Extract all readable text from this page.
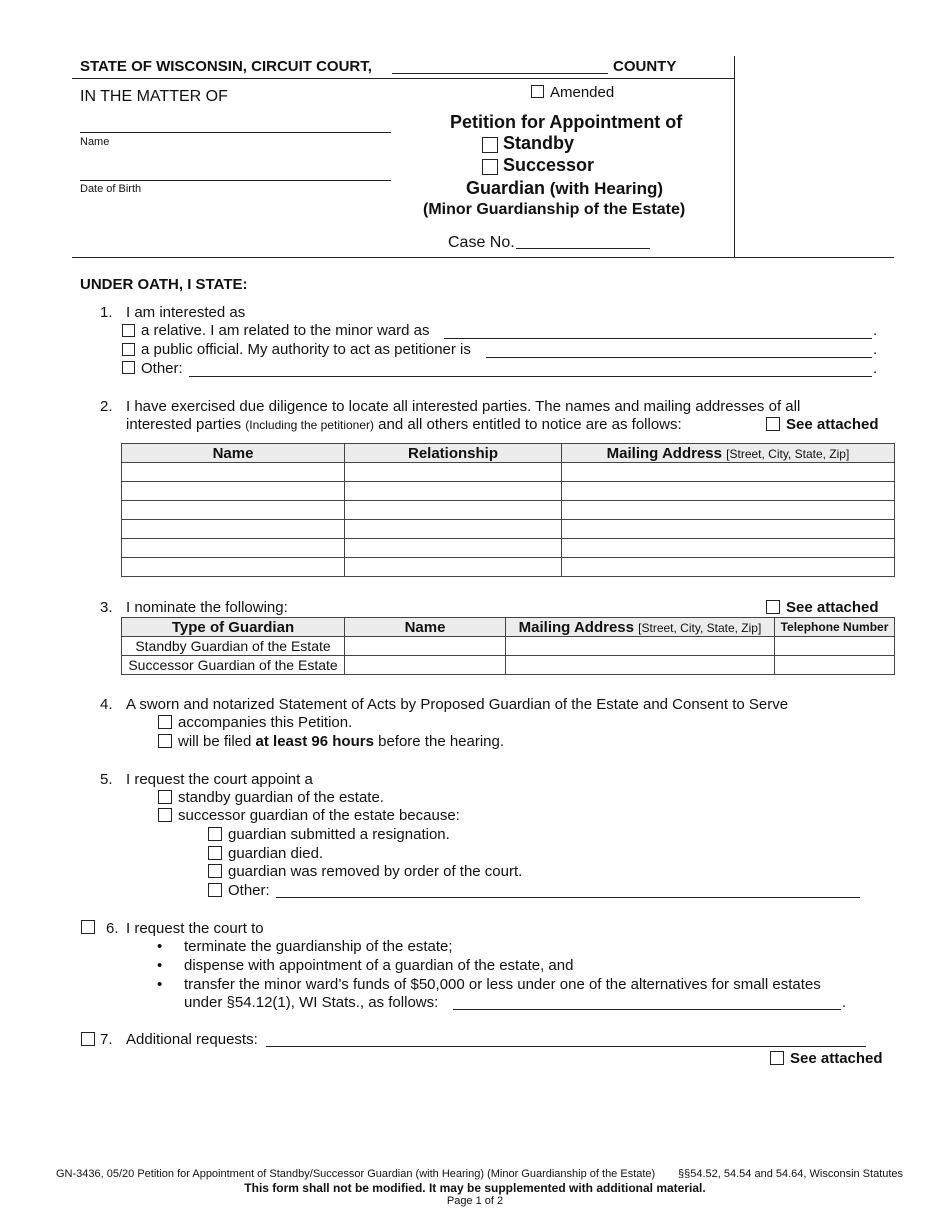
STATE OF WISCONSIN, CIRCUIT COURT,	COUNTY
IN THE MATTER OF
Name
Date of Birth
Amended
Petition for Appointment of
Standby
Successor
Guardian (with Hearing)
(Minor Guardianship of the Estate)
Case No.
UNDER OATH, I STATE:
1. I am interested as
a relative. I am related to the minor ward as	.
a public official. My authority to act as petitioner is	.
Other:	.
2. I have exercised due diligence to locate all interested parties. The names and mailing addresses of all
interested parties (Including the petitioner) and all others entitled to notice are as follows:	See attached
Name	Relationship	Mailing Address [Street, City, State, Zip]

3. I nominate the following:	See attached
Type of Guardian	Name	Mailing Address [Street, City, State, Zip]	Telephone Number
Standby Guardian of the Estate			
Successor Guardian of the Estate			
4. A sworn and notarized Statement of Acts by Proposed Guardian of the Estate and Consent to Serve
accompanies this Petition.
will be filed at least 96 hours before the hearing.
5. I request the court appoint a
standby guardian of the estate.
successor guardian of the estate because:
guardian submitted a resignation.
guardian died.
guardian was removed by order of the court.
Other:
6. I request the court to
• terminate the guardianship of the estate;
• dispense with appointment of a guardian of the estate, and
• transfer the minor ward’s funds of $50,000 or less under one of the alternatives for small estates
under §54.12(1), WI Stats., as follows:	.
7. Additional requests:
See attached
GN-3436, 05/20 Petition for Appointment of Standby/Successor Guardian (with Hearing) (Minor Guardianship of the Estate) §§54.52, 54.54 and 54.64, Wisconsin Statutes
This form shall not be modified. It may be supplemented with additional material.
Page 1 of 2
